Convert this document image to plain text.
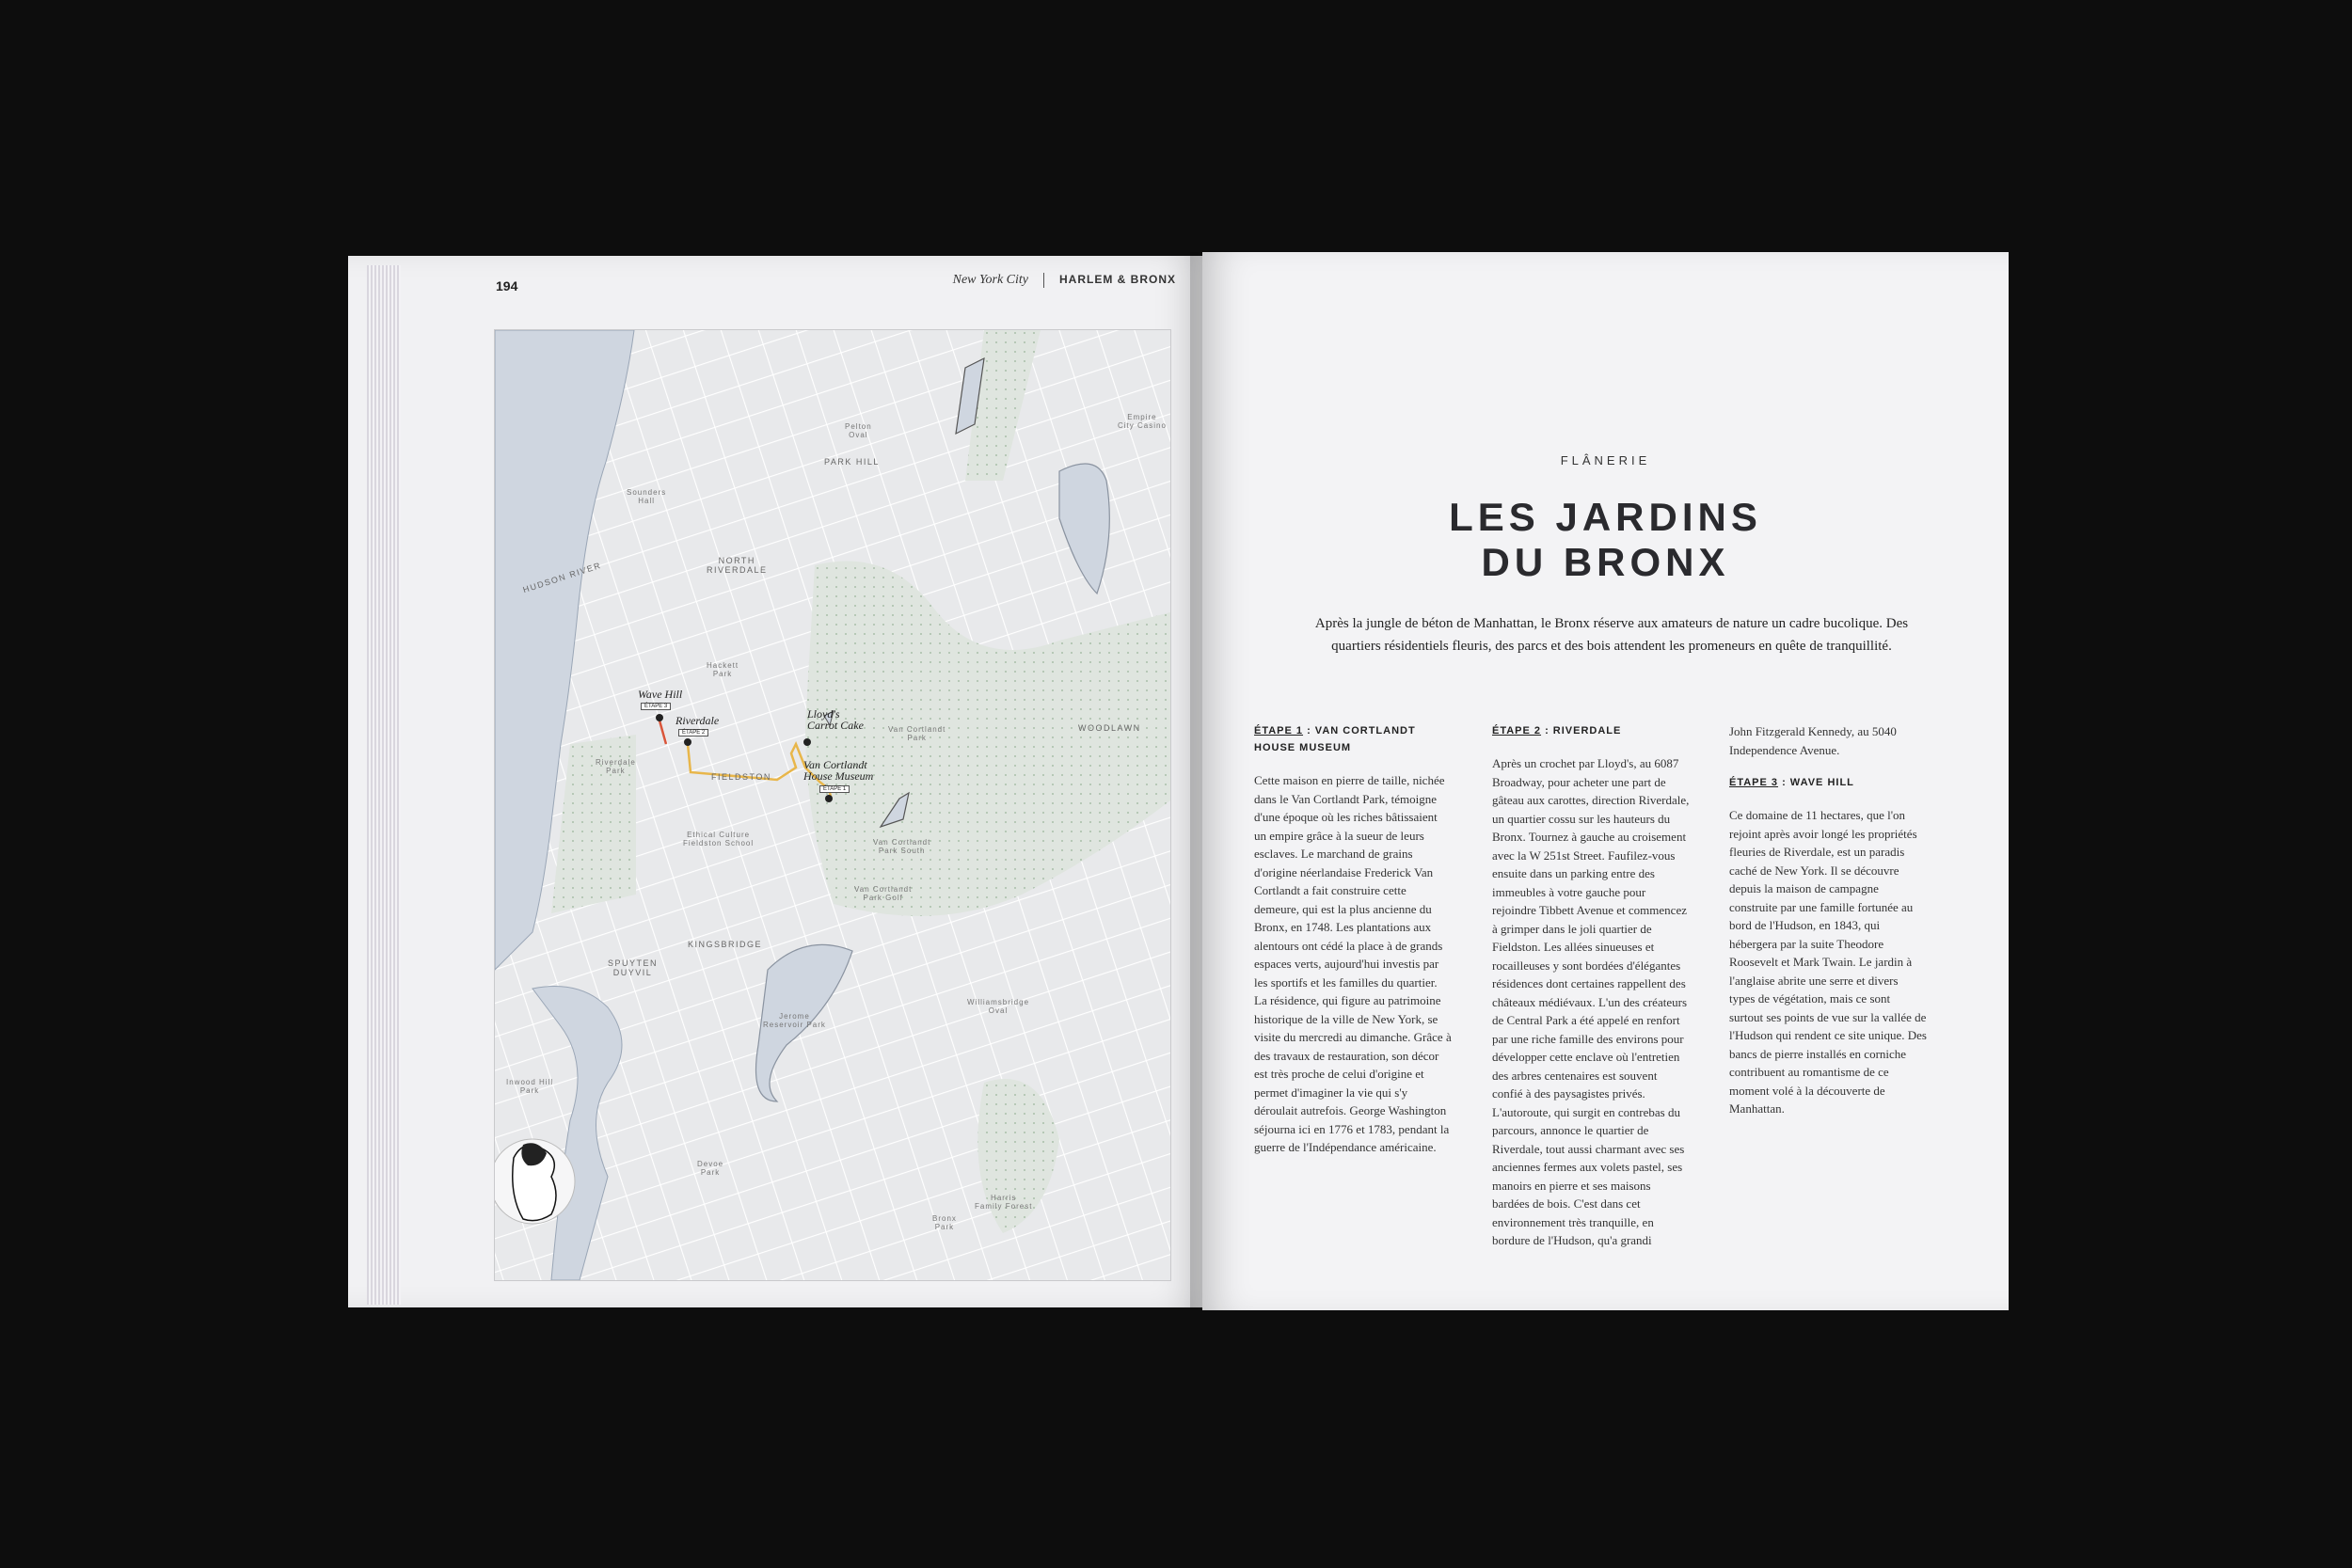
194	New York City	HARLEM & BRONX
HUDSON RIVER
PARK HILL
NORTH
RIVERDALE
FIELDSTON
KINGSBRIDGE
SPUYTEN
DUYVIL
WOODLAWN
Pelton
Oval
Empire
City Casino
Sounders
Hall
Hackett
Park
Riverdale
Park
Ethical Culture
Fieldston School
Van Cortlandt
Park
Van Cortlandt
Park South
Van Cortlandt
Park Golf
Jerome
Reservoir Park
Williamsbridge
Oval
Inwood Hill
Park
Devoe
Park
Bronx
Park
Harris
Family Forest
Wave Hill
ÉTAPE 3
Riverdale
ÉTAPE 2
Lloyd's
Carrot Cake
Van Cortlandt
House Museum
ÉTAPE 1
FLÂNERIE
LES JARDINS
DU BRONX
Après la jungle de béton de Manhattan, le Bronx réserve aux amateurs de nature un cadre bucolique. Des quartiers résidentiels fleuris, des parcs et des bois attendent les promeneurs en quête de tranquillité.
ÉTAPE 1 : VAN CORTLANDT HOUSE MUSEUM

Cette maison en pierre de taille, nichée dans le Van Cortlandt Park, témoigne d'une époque où les riches bâtissaient un empire grâce à la sueur de leurs esclaves. Le marchand de grains d'origine néerlandaise Frederick Van Cortlandt a fait construire cette demeure, qui est la plus ancienne du Bronx, en 1748. Les plantations aux alentours ont cédé la place à de grands espaces verts, aujourd'hui investis par les sportifs et les familles du quartier. La résidence, qui figure au patrimoine historique de la ville de New York, se visite du mercredi au dimanche. Grâce à des travaux de restauration, son décor est très proche de celui d'origine et permet d'imaginer la vie qui s'y déroulait autrefois. George Washington séjourna ici en 1776 et 1783, pendant la guerre de l'Indépendance américaine.

ÉTAPE 2 : RIVERDALE

Après un crochet par Lloyd's, au 6087 Broadway, pour acheter une part de gâteau aux carottes, direction Riverdale, un quartier cossu sur les hauteurs du Bronx. Tournez à gauche au croisement avec la W 251st Street. Faufilez-vous ensuite dans un parking entre des immeubles à votre gauche pour rejoindre Tibbett Avenue et commencez à grimper dans le joli quartier de Fieldston. Les allées sinueuses et rocailleuses y sont bordées d'élégantes résidences dont certaines rappellent des châteaux médiévaux. L'un des créateurs de Central Park a été appelé en renfort par une riche famille des environs pour développer cette enclave où l'entretien des arbres centenaires est souvent confié à des paysagistes privés. L'autoroute, qui surgit en contrebas du parcours, annonce le quartier de Riverdale, tout aussi charmant avec ses anciennes fermes aux volets pastel, ses manoirs en pierre et ses maisons bardées de bois. C'est dans cet environnement très tranquille, en bordure de l'Hudson, qu'a grandi

John Fitzgerald Kennedy, au 5040 Independence Avenue.

ÉTAPE 3 : WAVE HILL

Ce domaine de 11 hectares, que l'on rejoint après avoir longé les propriétés fleuries de Riverdale, est un paradis caché de New York. Il se découvre depuis la maison de campagne construite par une famille fortunée au bord de l'Hudson, en 1843, qui hébergera par la suite Theodore Roosevelt et Mark Twain. Le jardin à l'anglaise abrite une serre et divers types de végétation, mais ce sont surtout ses points de vue sur la vallée de l'Hudson qui rendent ce site unique. Des bancs de pierre installés en corniche contribuent au romantisme de ce moment volé à la découverte de Manhattan.
